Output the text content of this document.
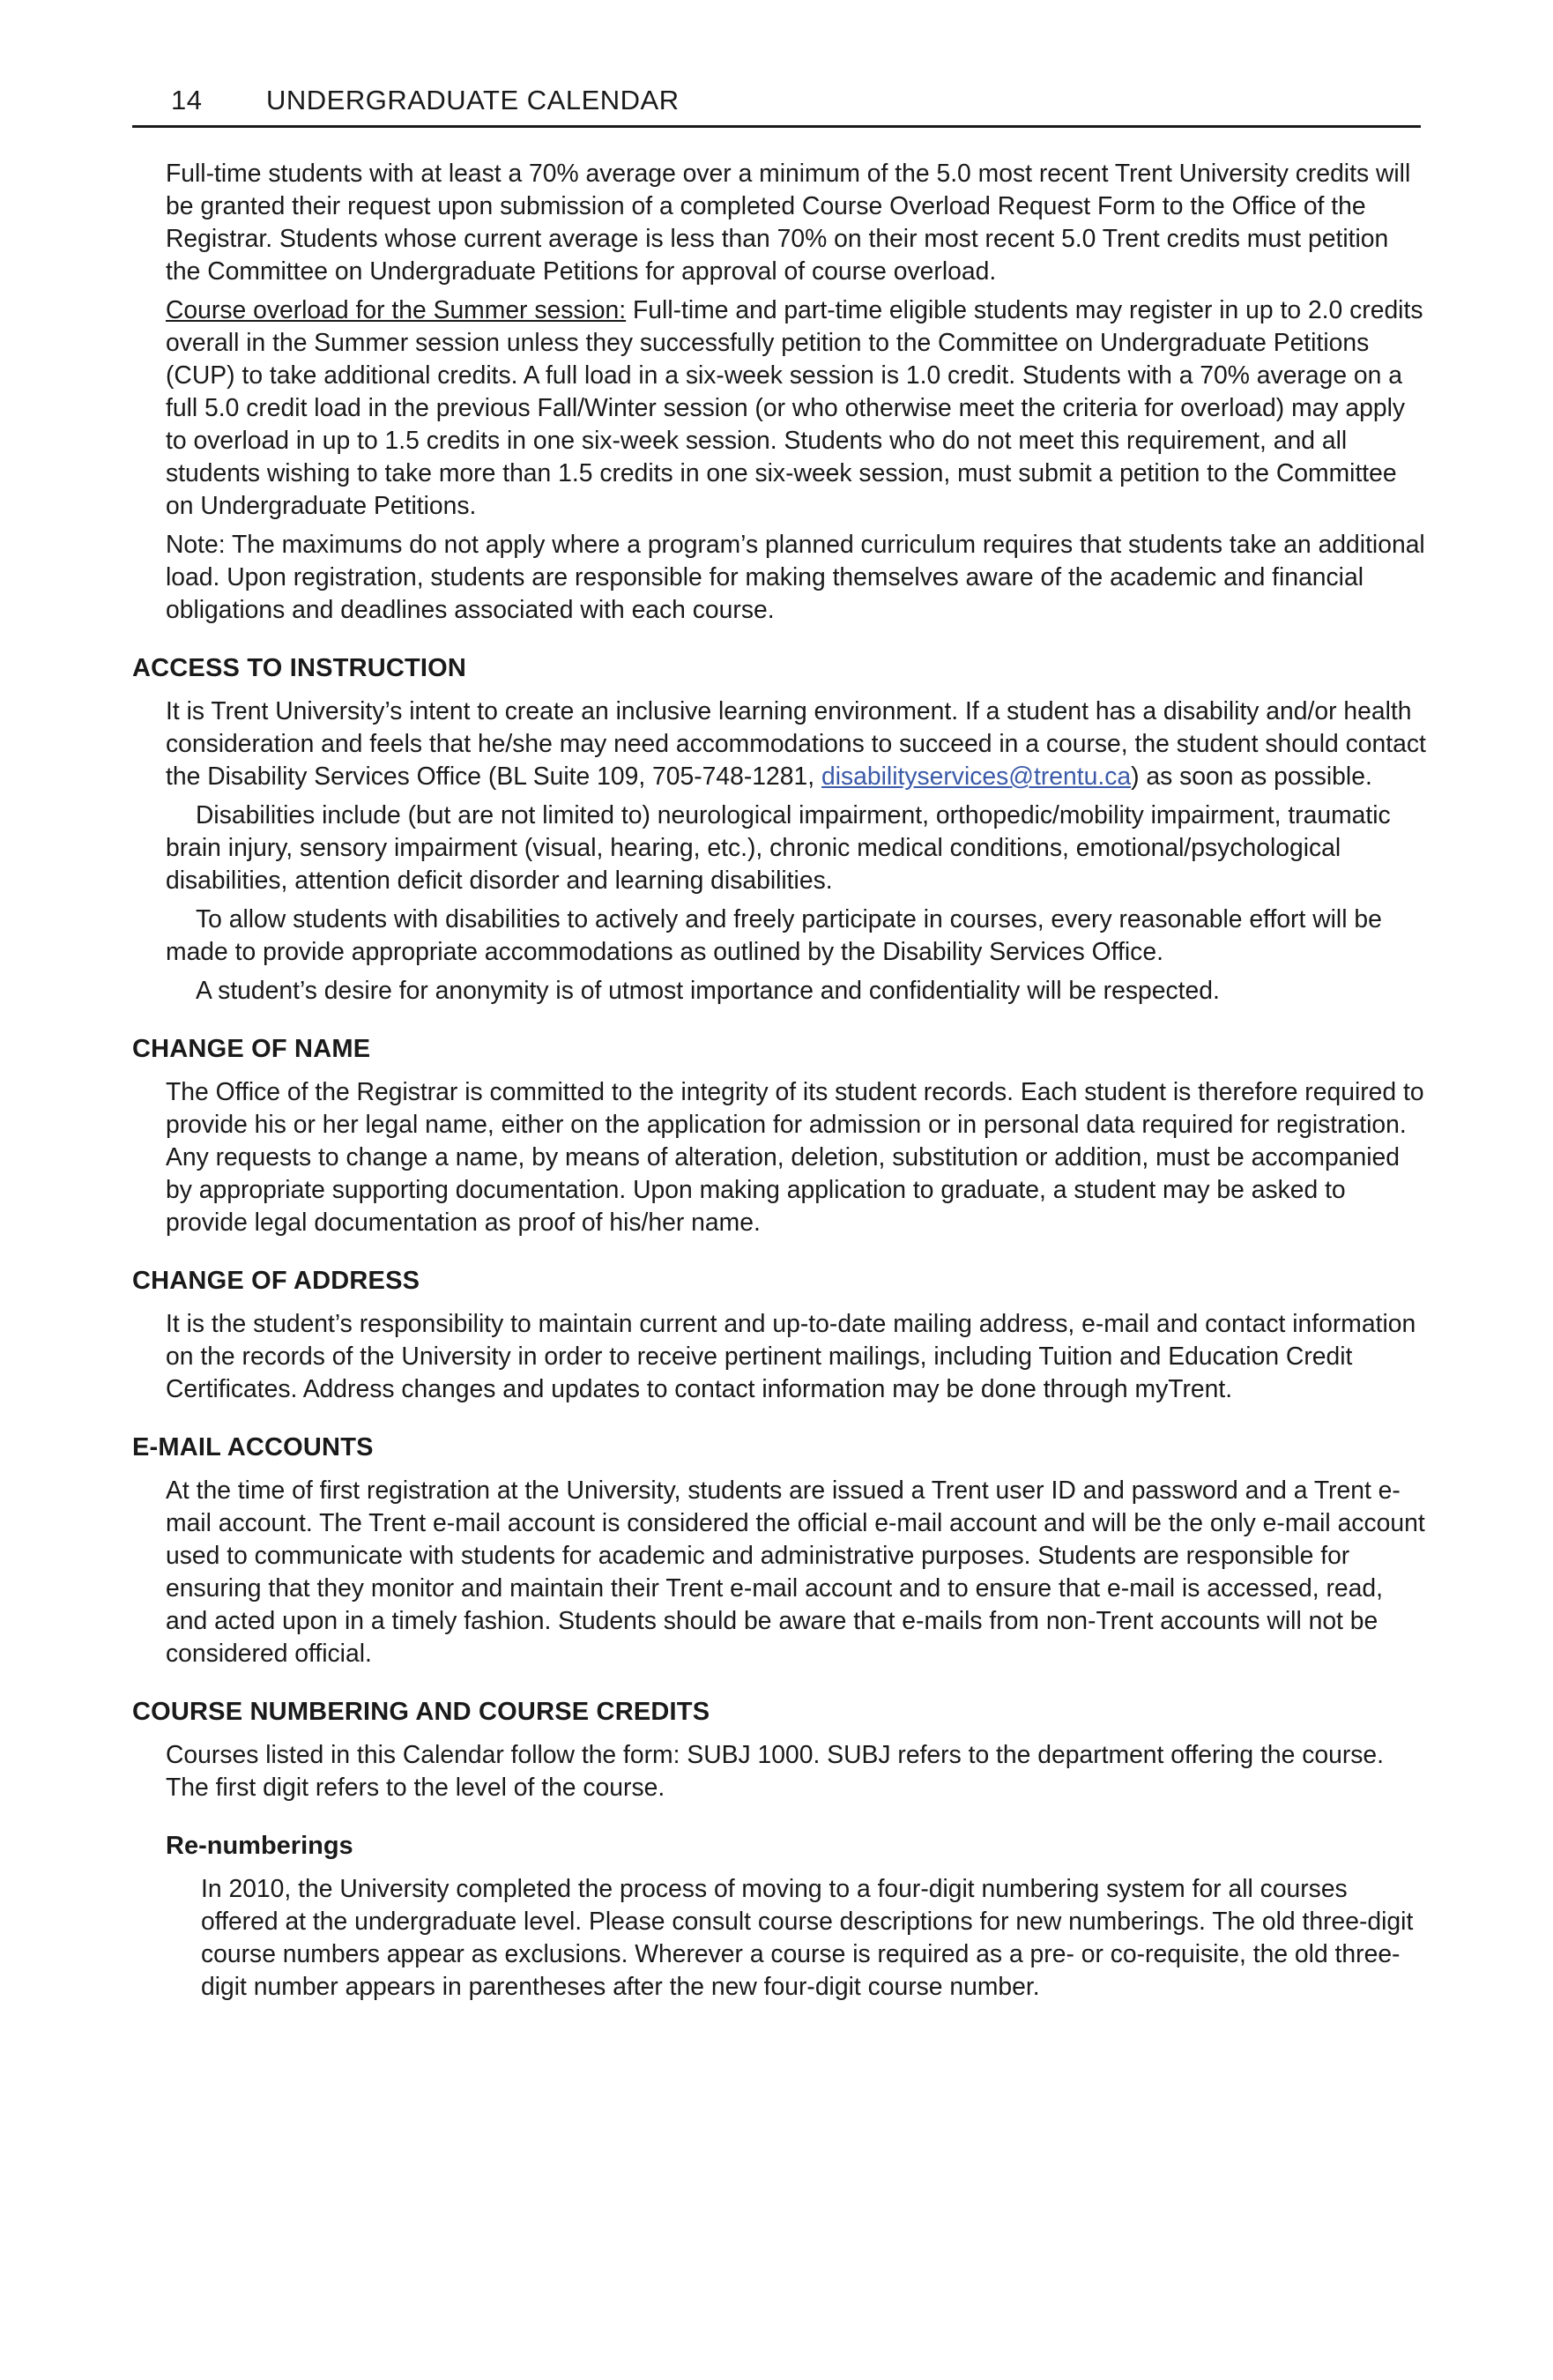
14 UNDERGRADUATE CALENDAR

Full-time students with at least a 70% average over a minimum of the 5.0 most recent Trent University credits will be granted their request upon submission of a completed Course Overload Request Form to the Office of the Registrar. Students whose current average is less than 70% on their most recent 5.0 Trent credits must petition the Committee on Undergraduate Petitions for approval of course overload.

Course overload for the Summer session: Full-time and part-time eligible students may register in up to 2.0 credits overall in the Summer session unless they successfully petition to the Committee on Undergraduate Petitions (CUP) to take additional credits. A full load in a six-week session is 1.0 credit. Students with a 70% average on a full 5.0 credit load in the previous Fall/Winter session (or who otherwise meet the criteria for overload) may apply to overload in up to 1.5 credits in one six-week session. Students who do not meet this requirement, and all students wishing to take more than 1.5 credits in one six-week session, must submit a petition to the Committee on Undergraduate Petitions.

Note: The maximums do not apply where a program’s planned curriculum requires that students take an additional load. Upon registration, students are responsible for making themselves aware of the academic and financial obligations and deadlines associated with each course.

ACCESS TO INSTRUCTION

It is Trent University’s intent to create an inclusive learning environment. If a student has a disability and/or health consideration and feels that he/she may need accommodations to succeed in a course, the student should contact the Disability Services Office (BL Suite 109, 705-748-1281, disabilityservices@trentu.ca) as soon as possible.

Disabilities include (but are not limited to) neurological impairment, orthopedic/mobility impairment, traumatic brain injury, sensory impairment (visual, hearing, etc.), chronic medical conditions, emotional/psychological disabilities, attention deficit disorder and learning disabilities.

To allow students with disabilities to actively and freely participate in courses, every reasonable effort will be made to provide appropriate accommodations as outlined by the Disability Services Office.

A student’s desire for anonymity is of utmost importance and confidentiality will be respected.

CHANGE OF NAME

The Office of the Registrar is committed to the integrity of its student records. Each student is therefore required to provide his or her legal name, either on the application for admission or in personal data required for registration. Any requests to change a name, by means of alteration, deletion, substitution or addition, must be accompanied by appropriate supporting documentation. Upon making application to graduate, a student may be asked to provide legal documentation as proof of his/her name.

CHANGE OF ADDRESS

It is the student’s responsibility to maintain current and up-to-date mailing address, e-mail and contact information on the records of the University in order to receive pertinent mailings, including Tuition and Education Credit Certificates. Address changes and updates to contact information may be done through myTrent.

E-MAIL ACCOUNTS

At the time of first registration at the University, students are issued a Trent user ID and password and a Trent e-mail account. The Trent e-mail account is considered the official e-mail account and will be the only e-mail account used to communicate with students for academic and administrative purposes. Students are responsible for ensuring that they monitor and maintain their Trent e-mail account and to ensure that e-mail is accessed, read, and acted upon in a timely fashion. Students should be aware that e-mails from non-Trent accounts will not be considered official.

COURSE NUMBERING AND COURSE CREDITS

Courses listed in this Calendar follow the form: SUBJ 1000. SUBJ refers to the department offering the course. The first digit refers to the level of the course.

Re-numberings

In 2010, the University completed the process of moving to a four-digit numbering system for all courses offered at the undergraduate level. Please consult course descriptions for new numberings. The old three-digit course numbers appear as exclusions. Wherever a course is required as a pre- or co-requisite, the old three-digit number appears in parentheses after the new four-digit course number.
